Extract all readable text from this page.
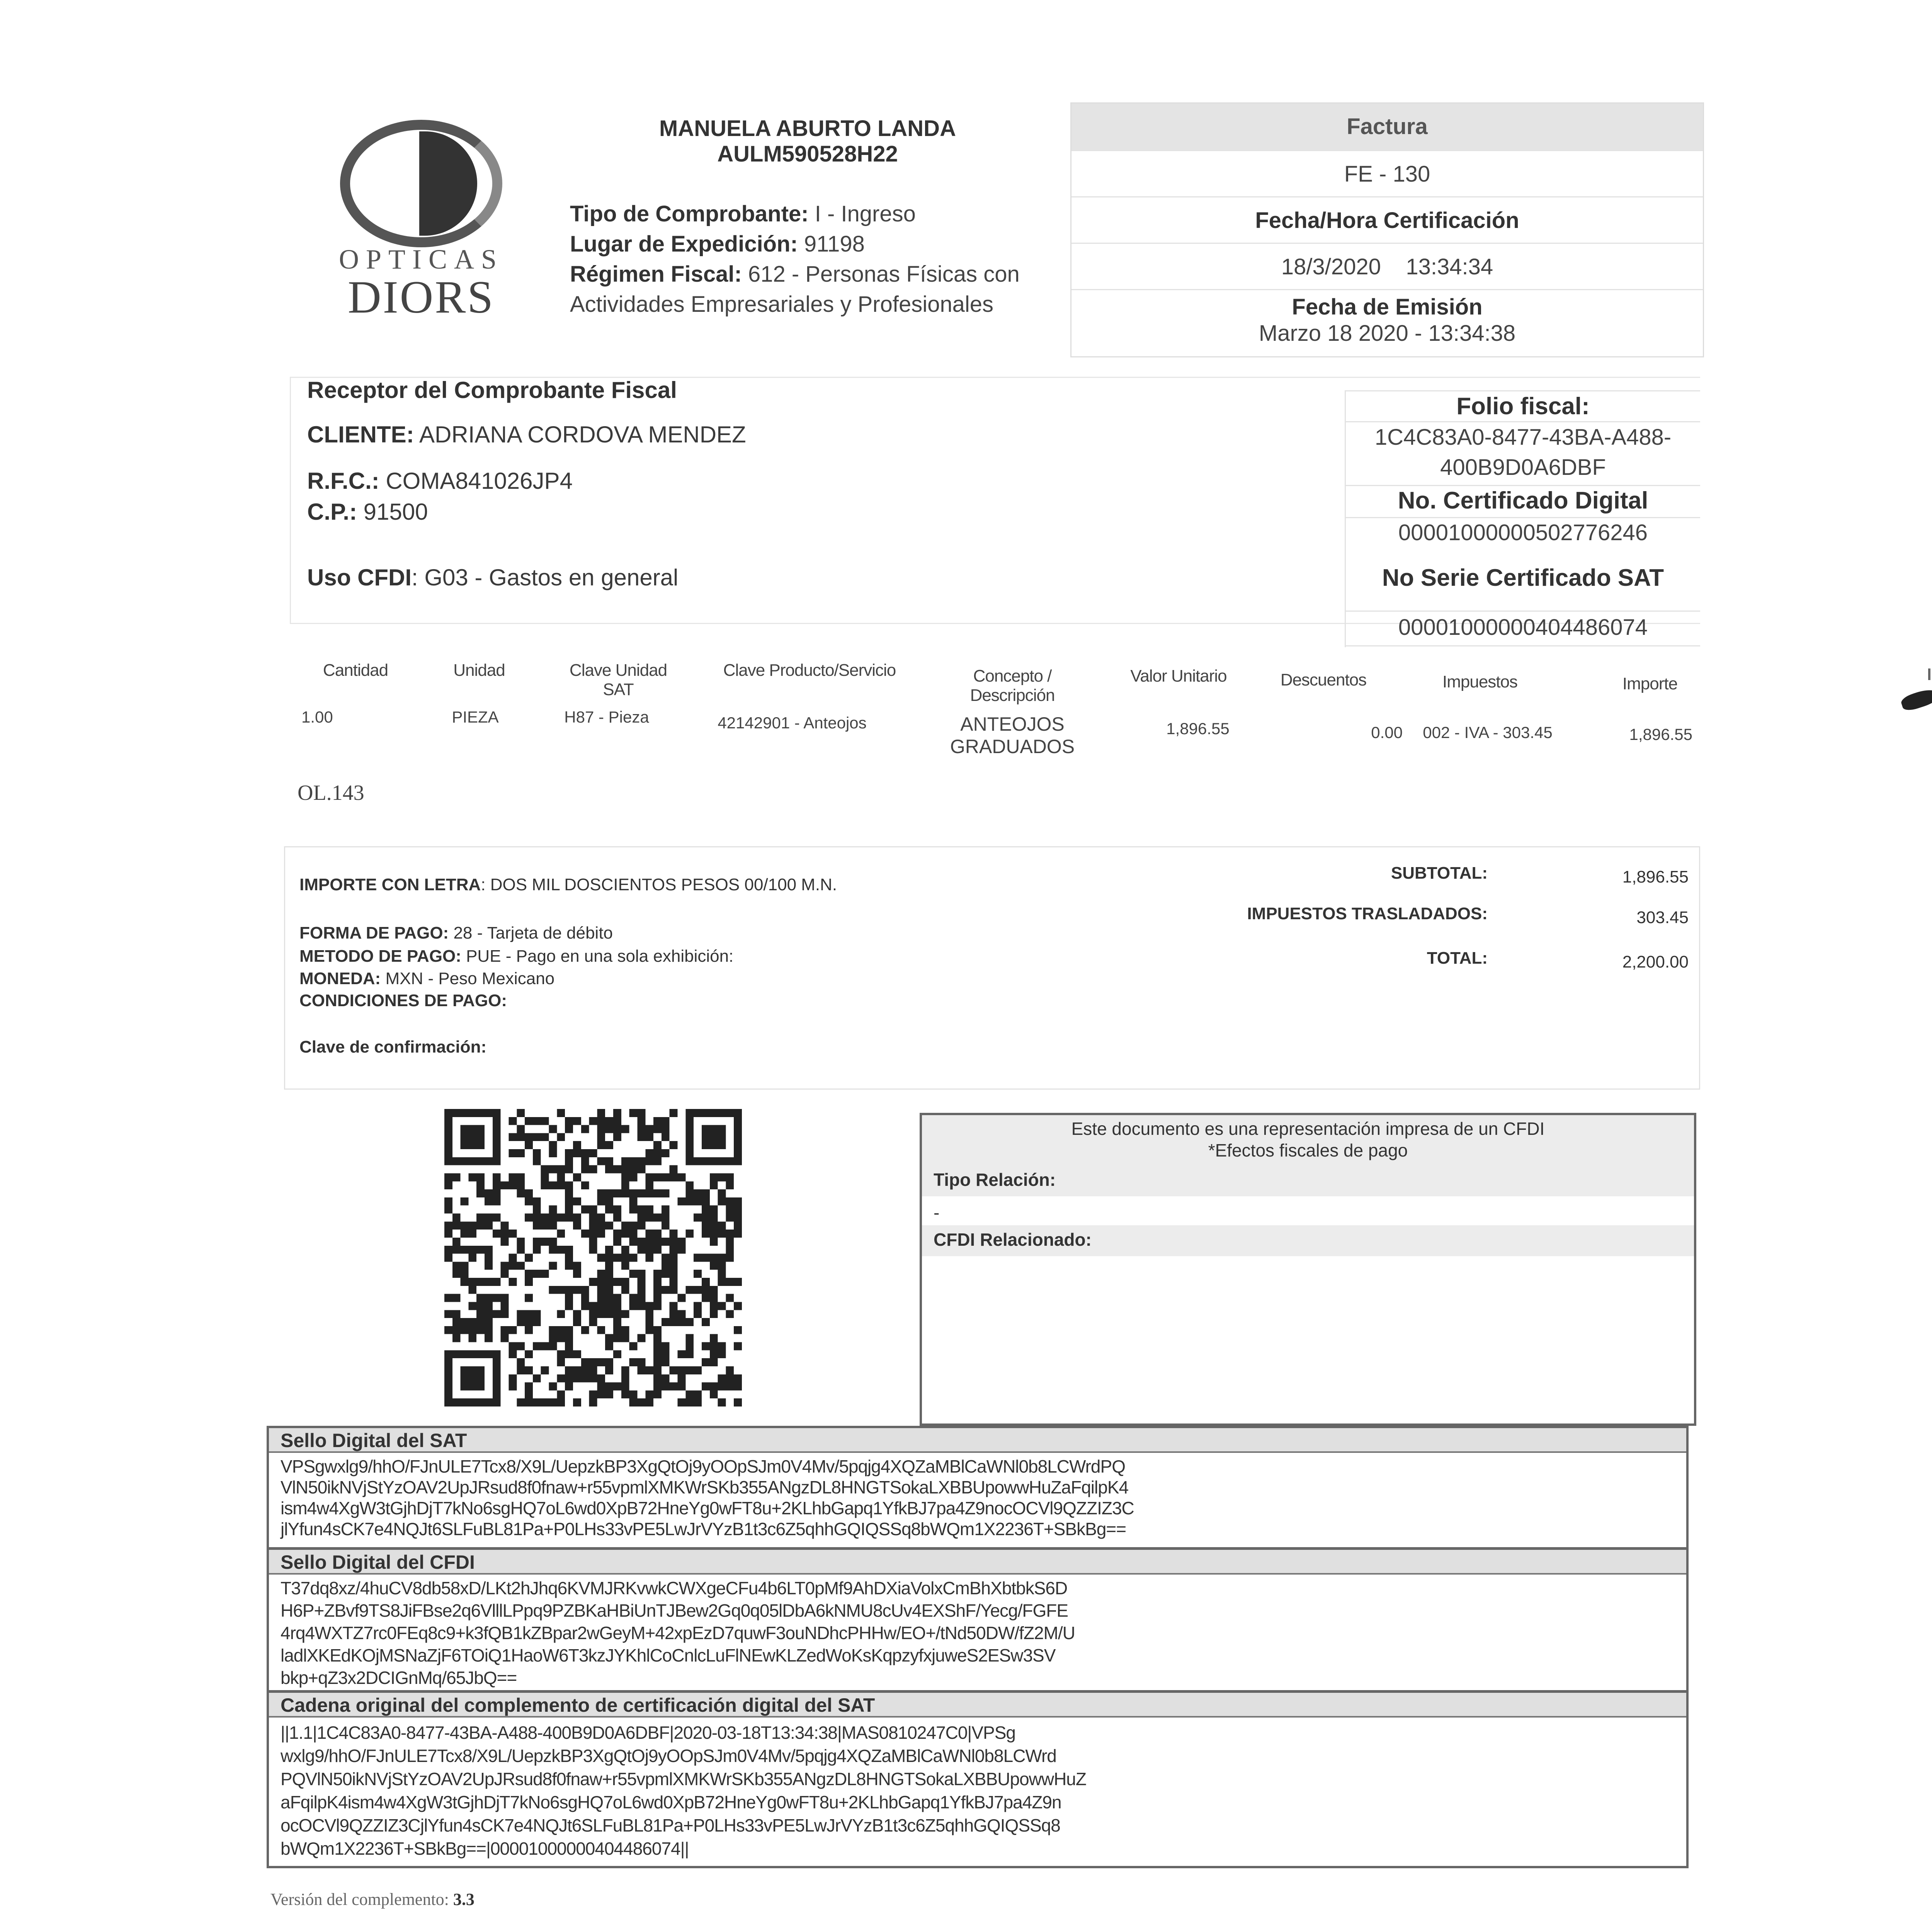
OPTICAS
DIORS
MANUELA ABURTO LANDA
AULM590528H22
Tipo de Comprobante: I - Ingreso
Lugar de Expedición: 91198
Régimen Fiscal: 612 - Personas Físicas con
Actividades Empresariales y Profesionales
Factura
FE - 130
Fecha/Hora Certificación
18/3/2020 13:34:34
Fecha de Emisión
Marzo 18 2020 - 13:34:38
Receptor del Comprobante Fiscal
CLIENTE: ADRIANA CORDOVA MENDEZ
R.F.C.: COMA841026JP4
C.P.: 91500
Uso CFDI: G03 - Gastos en general
Folio fiscal:
1C4C83A0-8477-43BA-A488-
400B9D0A6DBF
No. Certificado Digital
00001000000502776246
No Serie Certificado SAT
00001000000404486074
Cantidad	Unidad	Clave Unidad
SAT
Clave Producto/Servicio	Concepto /
Descripción
Valor Unitario	Descuentos	Impuestos	Importe
1.00	PIEZA	H87 - Pieza	42142901 - Anteojos	ANTEOJOS
GRADUADOS
1,896.55	0.00	002 - IVA - 303.45	1,896.55
OL.143
IMPORTE CON LETRA: DOS MIL DOSCIENTOS PESOS 00/100 M.N.
FORMA DE PAGO: 28 - Tarjeta de débito
METODO DE PAGO: PUE - Pago en una sola exhibición:
MONEDA: MXN - Peso Mexicano
CONDICIONES DE PAGO:
Clave de confirmación:
SUBTOTAL:	1,896.55
IMPUESTOS TRASLADADOS:	303.45
TOTAL:	2,200.00
Este documento es una representación impresa de un CFDI
*Efectos fiscales de pago
Tipo Relación:
-
CFDI Relacionado:
Sello Digital del SAT
VPSgwxlg9/hhO/FJnULE7Tcx8/X9L/UepzkBP3XgQtOj9yOOpSJm0V4Mv/5pqjg4XQZaMBlCaWNl0b8LCWrdPQ
VlN50ikNVjStYzOAV2UpJRsud8f0fnaw+r55vpmlXMKWrSKb355ANgzDL8HNGTSokaLXBBUpowwHuZaFqilpK4
ism4w4XgW3tGjhDjT7kNo6sgHQ7oL6wd0XpB72HneYg0wFT8u+2KLhbGapq1YfkBJ7pa4Z9nocOCVl9QZZIZ3C
jlYfun4sCK7e4NQJt6SLFuBL81Pa+P0LHs33vPE5LwJrVYzB1t3c6Z5qhhGQIQSSq8bWQm1X2236T+SBkBg==
Sello Digital del CFDI
T37dq8xz/4huCV8db58xD/LKt2hJhq6KVMJRKvwkCWXgeCFu4b6LT0pMf9AhDXiaVolxCmBhXbtbkS6D
H6P+ZBvf9TS8JiFBse2q6VlllLPpq9PZBKaHBiUnTJBew2Gq0q05lDbA6kNMU8cUv4EXShF/Yecg/FGFE
4rq4WXTZ7rc0FEq8c9+k3fQB1kZBpar2wGeyM+42xpEzD7quwF3ouNDhcPHHw/EO+/tNd50DW/fZ2M/U
ladlXKEdKOjMSNaZjF6TOiQ1HaoW6T3kzJYKhlCoCnlcLuFlNEwKLZedWoKsKqpzyfxjuweS2ESw3SV
bkp+qZ3x2DCIGnMq/65JbQ==
Cadena original del complemento de certificación digital del SAT
||1.1|1C4C83A0-8477-43BA-A488-400B9D0A6DBF|2020-03-18T13:34:38|MAS0810247C0|VPSg
wxlg9/hhO/FJnULE7Tcx8/X9L/UepzkBP3XgQtOj9yOOpSJm0V4Mv/5pqjg4XQZaMBlCaWNl0b8LCWrd
PQVlN50ikNVjStYzOAV2UpJRsud8f0fnaw+r55vpmlXMKWrSKb355ANgzDL8HNGTSokaLXBBUpowwHuZ
aFqilpK4ism4w4XgW3tGjhDjT7kNo6sgHQ7oL6wd0XpB72HneYg0wFT8u+2KLhbGapq1YfkBJ7pa4Z9n
ocOCVl9QZZIZ3CjlYfun4sCK7e4NQJt6SLFuBL81Pa+P0LHs33vPE5LwJrVYzB1t3c6Z5qhhGQIQSSq8
bWQm1X2236T+SBkBg==|00001000000404486074||
Versión del complemento: 3.3
